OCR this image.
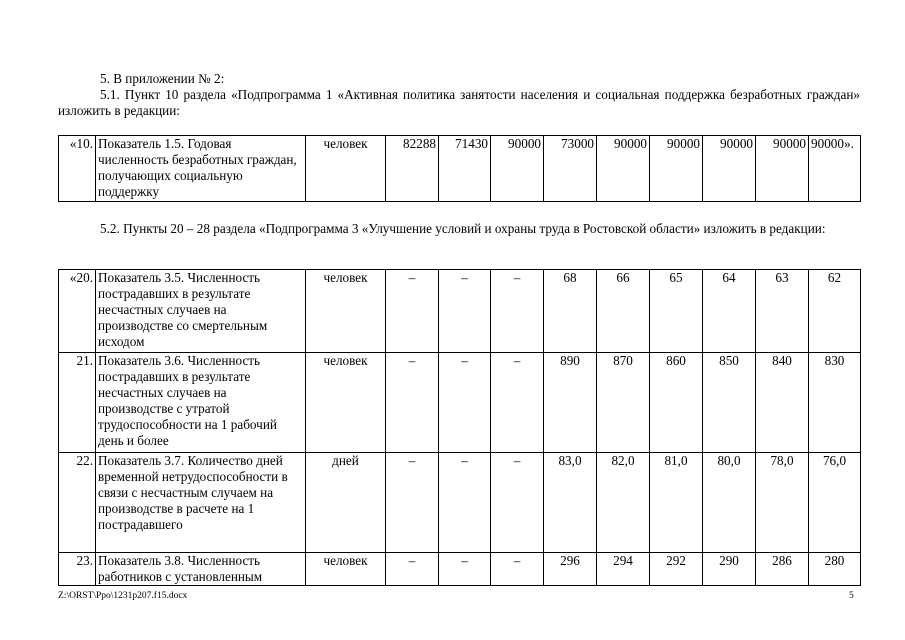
5. В приложении № 2:

5.1. Пункт 10 раздела «Подпрограмма 1 «Активная политика занятости населения и социальная поддержка безработных граждан» изложить в редакции:

«10.	Показатель 1.5. Годовая численность безработных граждан, получающих социальную поддержку	человек	82288	71430	90000	73000	90000	90000	90000	90000	90000».

5.2. Пункты 20 – 28 раздела «Подпрограмма 3 «Улучшение условий и охраны труда в Ростовской области» изложить в редакции:

«20.	Показатель 3.5. Численность пострадавших в результате несчастных случаев на производстве со смертельным исходом	человек	–	–	–	68	66	65	64	63	62
21.	Показатель 3.6. Численность пострадавших в результате несчастных случаев на производстве с утратой трудоспособности на 1 рабочий день и более	человек	–	–	–	890	870	860	850	840	830
22.	Показатель 3.7. Количество дней временной нетрудоспособности в связи с несчастным случаем на производстве в расчете на 1 пострадавшего	дней	–	–	–	83,0	82,0	81,0	80,0	78,0	76,0
23.	Показатель 3.8. Численность работников с установленным	человек	–	–	–	296	294	292	290	286	280
Z:\ORST\Ppo\1231p207.f15.docx	5
